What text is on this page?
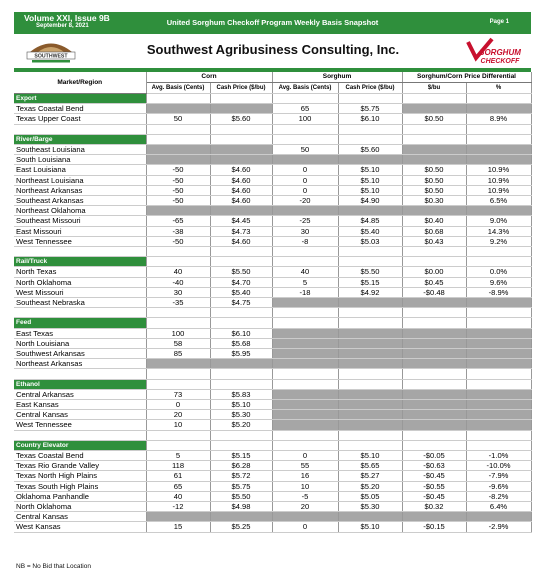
Volume XXI, Issue 9B
September 8, 2021	United Sorghum Checkoff Program Weekly Basis Snapshot	Page 1
SOUTHWEST	Southwest Agribusiness Consulting, Inc.	SORGHUM
CHECKOFF
Market/Region	Corn		Sorghum		Sorghum/Corn Price Differential	
	Avg. Basis (Cents)	Cash Price ($/bu)	Avg. Basis (Cents)	Cash Price ($/bu)	$/bu	%
Export						
Texas Coastal Bend			65	$5.75		
Texas Upper Coast	50	$5.60	100	$6.10	$0.50	8.9%

River/Barge						
Southeast Louisiana			50	$5.60		
South Louisiana						
East Louisiana	-50	$4.60	0	$5.10	$0.50	10.9%
Northeast Louisiana	-50	$4.60	0	$5.10	$0.50	10.9%
Northeast Arkansas	-50	$4.60	0	$5.10	$0.50	10.9%
Southeast Arkansas	-50	$4.60	-20	$4.90	$0.30	6.5%
Northeast Oklahoma						
Southeast Missouri	-65	$4.45	-25	$4.85	$0.40	9.0%
East Missouri	-38	$4.73	30	$5.40	$0.68	14.3%
West Tennessee	-50	$4.60	-8	$5.03	$0.43	9.2%

Rail/Truck						
North Texas	40	$5.50	40	$5.50	$0.00	0.0%
North Oklahoma	-40	$4.70	5	$5.15	$0.45	9.6%
West Missouri	30	$5.40	-18	$4.92	-$0.48	-8.9%
Southeast Nebraska	-35	$4.75				

Feed						
East Texas	100	$6.10				
North Louisiana	58	$5.68				
Southwest Arkansas	85	$5.95				
Northeast Arkansas						

Ethanol						
Central Arkansas	73	$5.83				
East Kansas	0	$5.10				
Central Kansas	20	$5.30				
West Tennessee	10	$5.20				

Country Elevator						
Texas Coastal Bend	5	$5.15	0	$5.10	-$0.05	-1.0%
Texas Rio Grande Valley	118	$6.28	55	$5.65	-$0.63	-10.0%
Texas North High Plains	61	$5.72	16	$5.27	-$0.45	-7.9%
Texas South High Plains	65	$5.75	10	$5.20	-$0.55	-9.6%
Oklahoma Panhandle	40	$5.50	-5	$5.05	-$0.45	-8.2%
North Oklahoma	-12	$4.98	20	$5.30	$0.32	6.4%
Central Kansas						
West Kansas	15	$5.25	0	$5.10	-$0.15	-2.9%
NB = No Bid that Location
